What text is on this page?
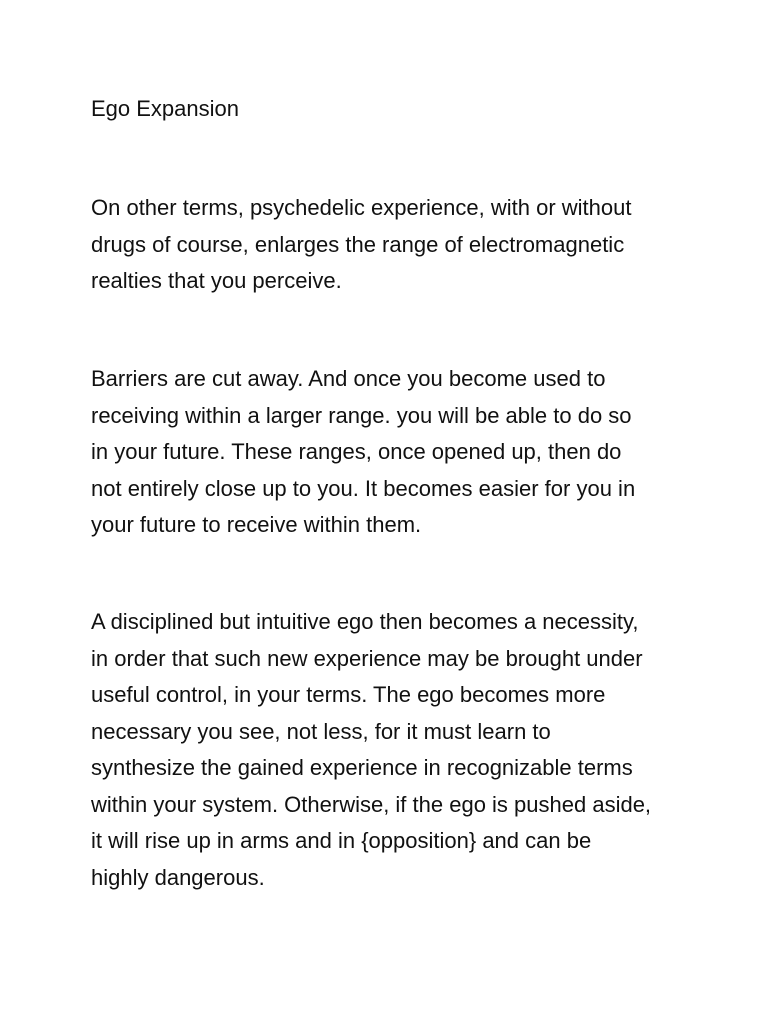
Ego Expansion

On other terms, psychedelic experience, with or without
drugs of course, enlarges the range of electromagnetic
realties that you perceive.

Barriers are cut away. And once you become used to
receiving within a larger range. you will be able to do so
in your future. These ranges, once opened up, then do
not entirely close up to you. It becomes easier for you in
your future to receive within them.

A disciplined but intuitive ego then becomes a necessity,
in order that such new experience may be brought under
useful control, in your terms. The ego becomes more
necessary you see, not less, for it must learn to
synthesize the gained experience in recognizable terms
within your system. Otherwise, if the ego is pushed aside,
it will rise up in arms and in {opposition} and can be
highly dangerous.
